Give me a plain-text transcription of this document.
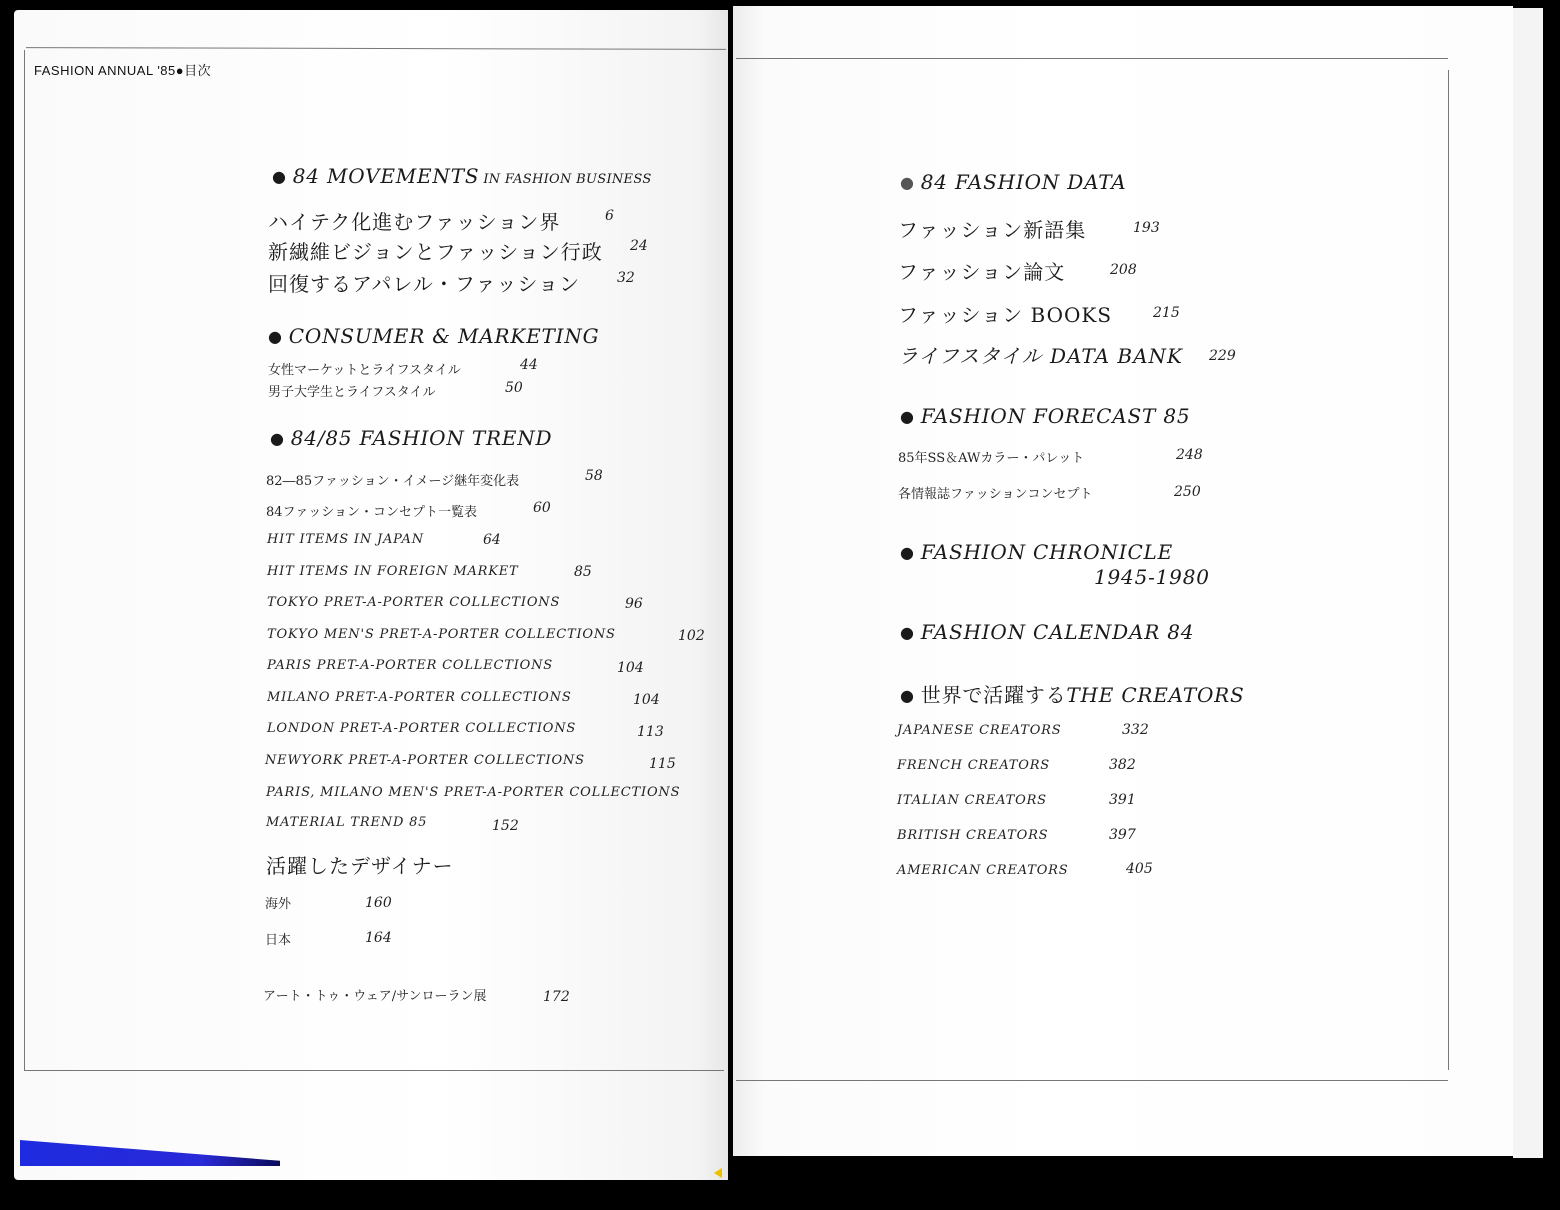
FASHION ANNUAL '85●目次
● 84 MOVEMENTS IN FASHION BUSINESS
ハイテク化進むファッション界	6
新繊維ビジョンとファッション行政 24
回復するアパレル・ファッション	32
● CONSUMER & MARKETING
女性マーケットとライフスタイル	44
男子大学生とライフスタイル	50
● 84/85 FASHION TREND
82―85ファッション・イメージ継年変化表	58
84ファッション・コンセプト一覧表	60
HIT ITEMS IN JAPAN	64
HIT ITEMS IN FOREIGN MARKET	85
TOKYO PRET-A-PORTER COLLECTIONS	96
TOKYO MEN'S PRET-A-PORTER COLLECTIONS	102
PARIS PRET-A-PORTER COLLECTIONS	104
MILANO PRET-A-PORTER COLLECTIONS	104
LONDON PRET-A-PORTER COLLECTIONS	113
NEWYORK PRET-A-PORTER COLLECTIONS	115
PARIS, MILANO MEN'S PRET-A-PORTER COLLECTIONS
MATERIAL TREND 85	152
活躍したデザイナー
海外	160
日本	164
アート・トゥ・ウェア/サンローラン展	172
● 84 FASHION DATA
ファッション新語集	193
ファッション論文	208
ファッション BOOKS	215
ライフスタイル DATA BANK 229
● FASHION FORECAST 85
85年SS＆AWカラー・パレット	248
各情報誌ファッションコンセプト	250
● FASHION CHRONICLE
1945-1980
● FASHION CALENDAR 84
● 世界で活躍するTHE CREATORS
JAPANESE CREATORS	332
FRENCH CREATORS	382
ITALIAN CREATORS	391
BRITISH CREATORS	397
AMERICAN CREATORS	405
